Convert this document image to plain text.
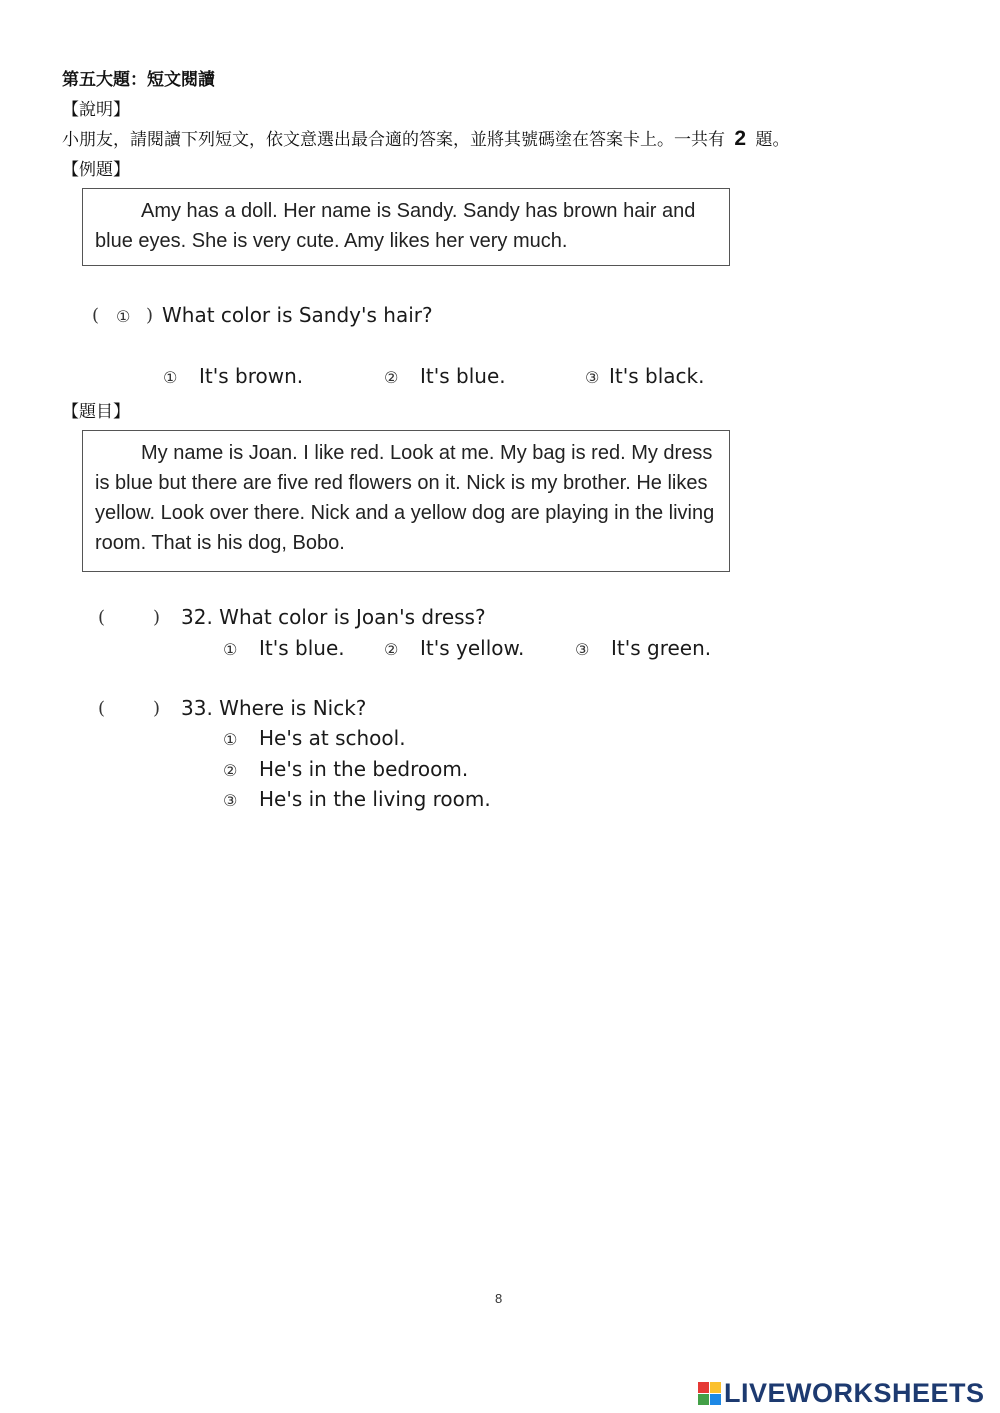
第五大題：短文閱讀
【說明】
小朋友，請閱讀下列短文，依文意選出最合適的答案，並將其號碼塗在答案卡上。一共有 2 題。
【例題】
Amy has a doll. Her name is Sandy. Sandy has brown hair and blue eyes. She is very cute. Amy likes her very much.
( ① ) What color is Sandy's hair?
① It's brown.	② It's blue.	③ It's black.
【題目】
My name is Joan. I like red. Look at me. My bag is red. My dress is blue but there are five red flowers on it. Nick is my brother. He likes yellow. Look over there. Nick and a yellow dog are playing in the living room. That is his dog, Bobo.
(	) 32. What color is Joan's dress?
① It's blue. ② It's yellow.	③ It's green.
(	) 33. Where is Nick?
① He's at school.
② He's in the bedroom.
③ He's in the living room.
8
LIVEWORKSHEETS
